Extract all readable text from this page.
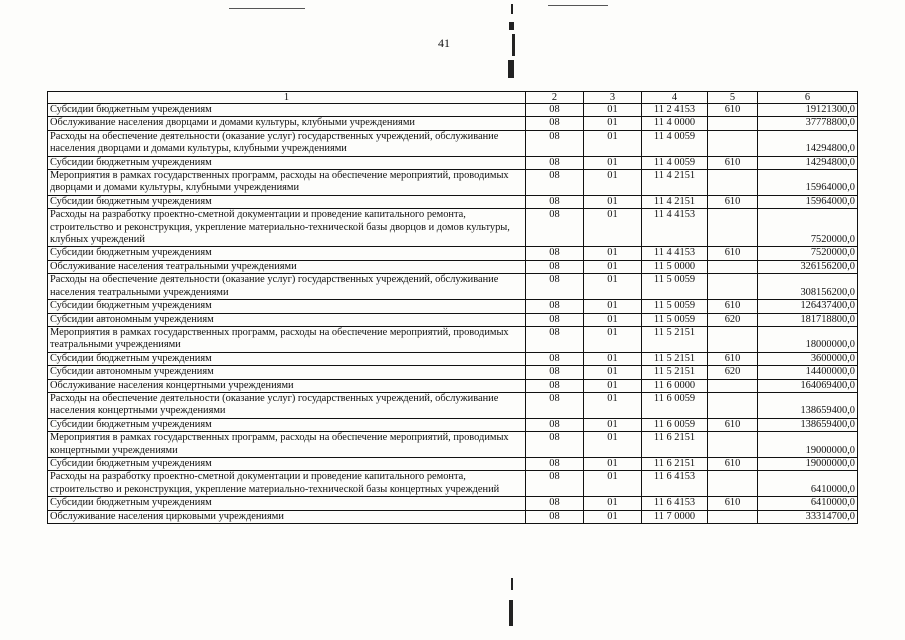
41
1	2	3	4	5	6
Субсидии бюджетным учреждениям	08	01	11 2 4153	610	19121300,0
Обслуживание населения дворцами и домами культуры, клубными учреждениями	08	01	11 4 0000		37778800,0
Расходы на обеспечение деятельности (оказание услуг) государственных учреждений, обслуживание населения дворцами и домами культуры, клубными учреждениями	08	01	11 4 0059		14294800,0
Субсидии бюджетным учреждениям	08	01	11 4 0059	610	14294800,0
Мероприятия в рамках государственных программ, расходы на обеспечение мероприятий, проводимых дворцами и домами культуры, клубными учреждениями	08	01	11 4 2151		15964000,0
Субсидии бюджетным учреждениям	08	01	11 4 2151	610	15964000,0
Расходы на разработку проектно-сметной документации и проведение капитального ремонта, строительство и реконструкция, укрепление материально-технической базы дворцов и домов культуры, клубных учреждений	08	01	11 4 4153		7520000,0
Субсидии бюджетным учреждениям	08	01	11 4 4153	610	7520000,0
Обслуживание населения театральными учреждениями	08	01	11 5 0000		326156200,0
Расходы на обеспечение деятельности (оказание услуг) государственных учреждений, обслуживание населения театральными учреждениями	08	01	11 5 0059		308156200,0
Субсидии бюджетным учреждениям	08	01	11 5 0059	610	126437400,0
Субсидии автономным учреждениям	08	01	11 5 0059	620	181718800,0
Мероприятия в рамках государственных программ, расходы на обеспечение мероприятий, проводимых театральными учреждениями	08	01	11 5 2151		18000000,0
Субсидии бюджетным учреждениям	08	01	11 5 2151	610	3600000,0
Субсидии автономным учреждениям	08	01	11 5 2151	620	14400000,0
Обслуживание населения концертными учреждениями	08	01	11 6 0000		164069400,0
Расходы на обеспечение деятельности (оказание услуг) государственных учреждений, обслуживание населения концертными учреждениями	08	01	11 6 0059		138659400,0
Субсидии бюджетным учреждениям	08	01	11 6 0059	610	138659400,0
Мероприятия в рамках государственных программ, расходы на обеспечение мероприятий, проводимых концертными учреждениями	08	01	11 6 2151		19000000,0
Субсидии бюджетным учреждениям	08	01	11 6 2151	610	19000000,0
Расходы на разработку проектно-сметной документации и проведение капитального ремонта, строительство и реконструкция, укрепление материально-технической базы концертных учреждений	08	01	11 6 4153		6410000,0
Субсидии бюджетным учреждениям	08	01	11 6 4153	610	6410000,0
Обслуживание населения цирковыми учреждениями	08	01	11 7 0000		33314700,0
